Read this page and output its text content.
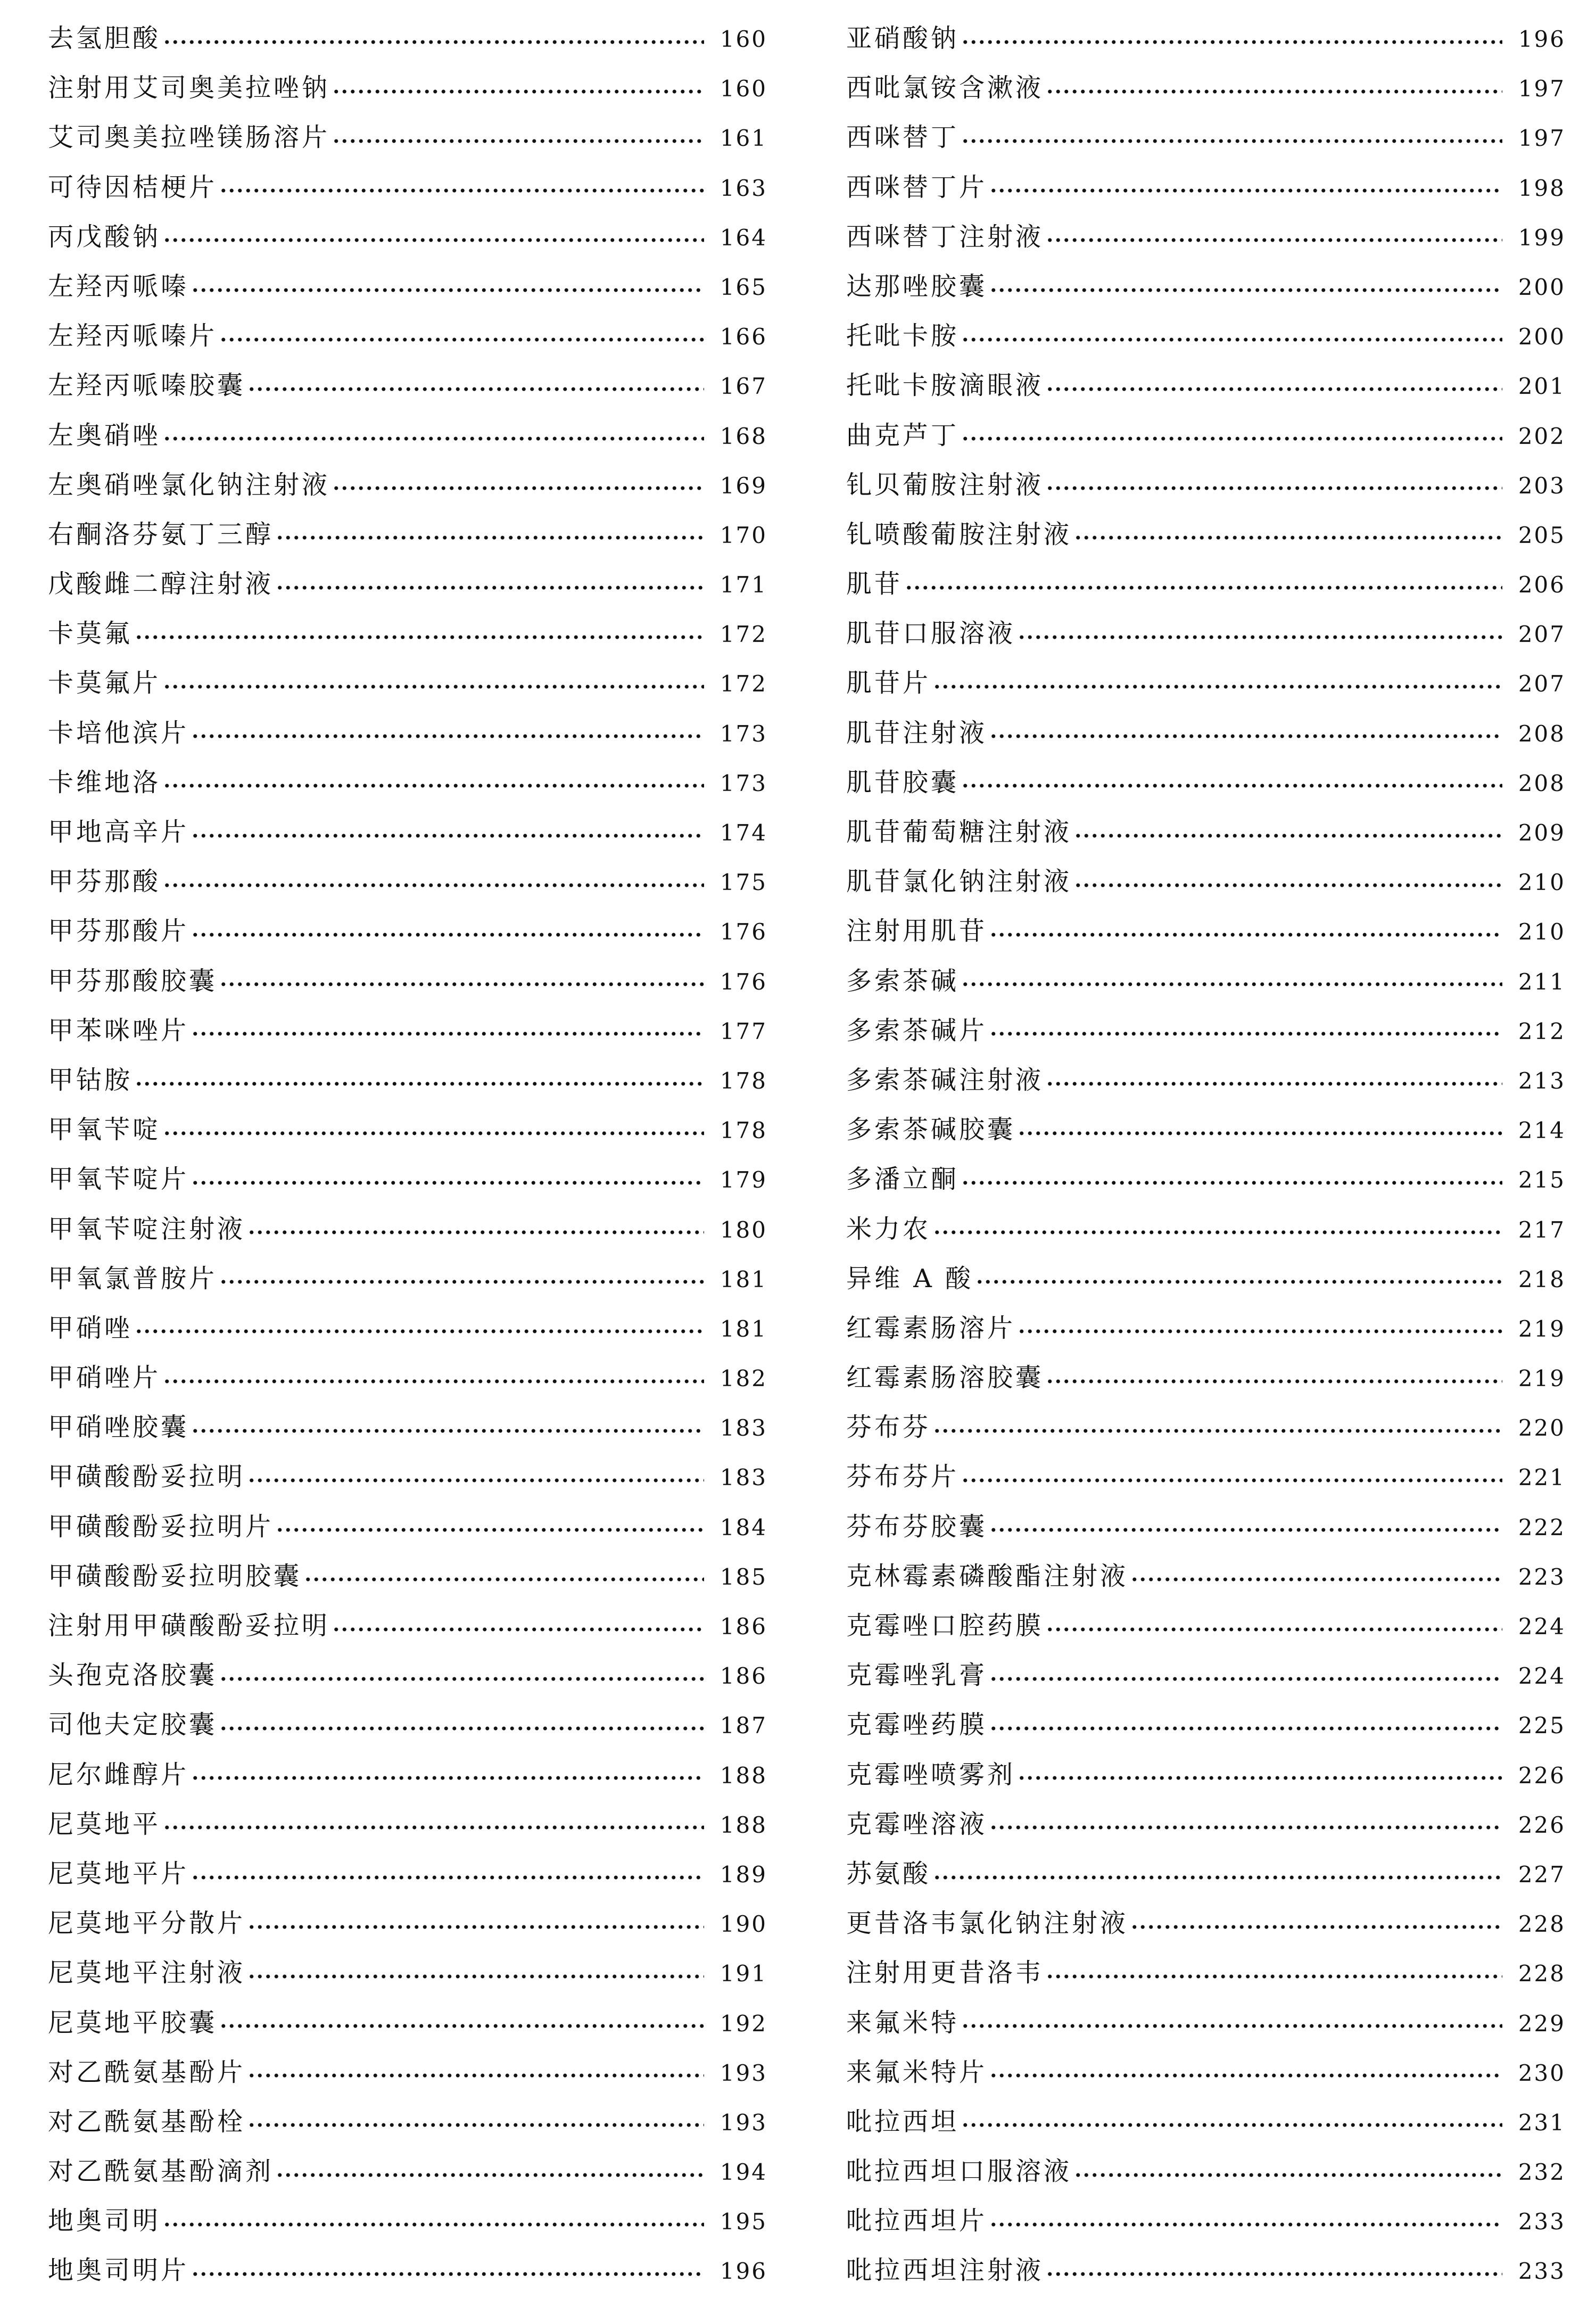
去氢胆酸	160
注射用艾司奥美拉唑钠	160
艾司奥美拉唑镁肠溶片	161
可待因桔梗片	163
丙戊酸钠	164
左羟丙哌嗪	165
左羟丙哌嗪片	166
左羟丙哌嗪胶囊	167
左奥硝唑	168
左奥硝唑氯化钠注射液	169
右酮洛芬氨丁三醇	170
戊酸雌二醇注射液	171
卡莫氟	172
卡莫氟片	172
卡培他滨片	173
卡维地洛	173
甲地高辛片	174
甲芬那酸	175
甲芬那酸片	176
甲芬那酸胶囊	176
甲苯咪唑片	177
甲钴胺	178
甲氧苄啶	178
甲氧苄啶片	179
甲氧苄啶注射液	180
甲氧氯普胺片	181
甲硝唑	181
甲硝唑片	182
甲硝唑胶囊	183
甲磺酸酚妥拉明	183
甲磺酸酚妥拉明片	184
甲磺酸酚妥拉明胶囊	185
注射用甲磺酸酚妥拉明	186
头孢克洛胶囊	186
司他夫定胶囊	187
尼尔雌醇片	188
尼莫地平	188
尼莫地平片	189
尼莫地平分散片	190
尼莫地平注射液	191
尼莫地平胶囊	192
对乙酰氨基酚片	193
对乙酰氨基酚栓	193
对乙酰氨基酚滴剂	194
地奥司明	195
地奥司明片	196
亚硝酸钠	196
西吡氯铵含漱液	197
西咪替丁	197
西咪替丁片	198
西咪替丁注射液	199
达那唑胶囊	200
托吡卡胺	200
托吡卡胺滴眼液	201
曲克芦丁	202
钆贝葡胺注射液	203
钆喷酸葡胺注射液	205
肌苷	206
肌苷口服溶液	207
肌苷片	207
肌苷注射液	208
肌苷胶囊	208
肌苷葡萄糖注射液	209
肌苷氯化钠注射液	210
注射用肌苷	210
多索茶碱	211
多索茶碱片	212
多索茶碱注射液	213
多索茶碱胶囊	214
多潘立酮	215
米力农	217
异维 A 酸	218
红霉素肠溶片	219
红霉素肠溶胶囊	219
芬布芬	220
芬布芬片	221
芬布芬胶囊	222
克林霉素磷酸酯注射液	223
克霉唑口腔药膜	224
克霉唑乳膏	224
克霉唑药膜	225
克霉唑喷雾剂	226
克霉唑溶液	226
苏氨酸	227
更昔洛韦氯化钠注射液	228
注射用更昔洛韦	228
来氟米特	229
来氟米特片	230
吡拉西坦	231
吡拉西坦口服溶液	232
吡拉西坦片	233
吡拉西坦注射液	233
